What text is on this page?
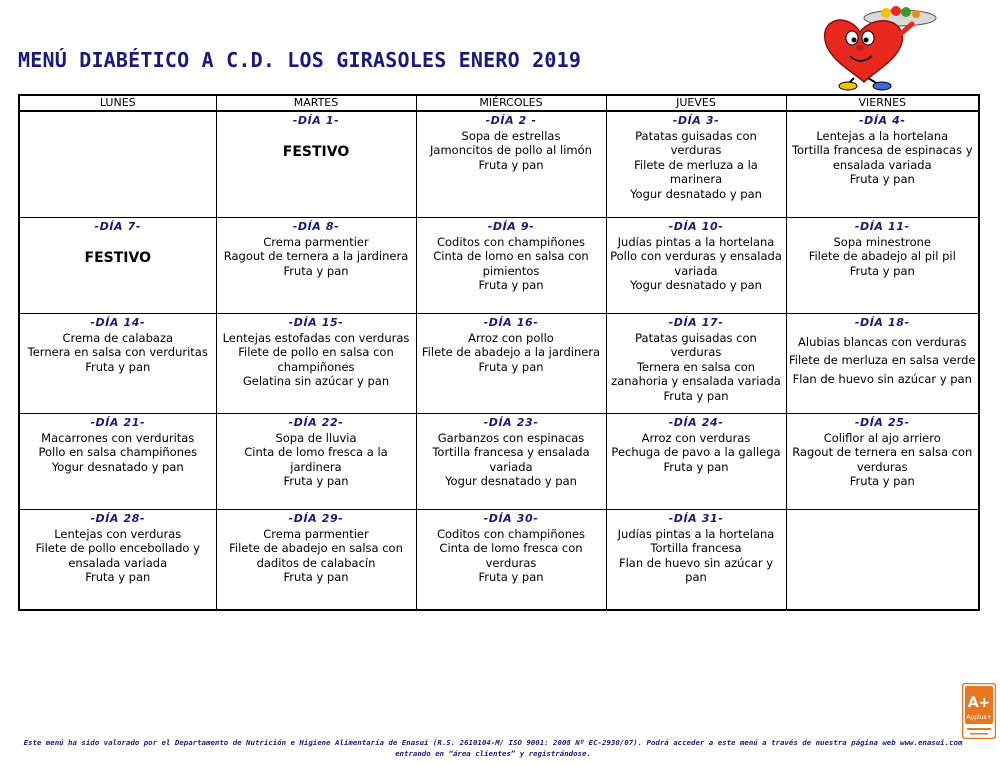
MENÚ DIABÉTICO A C.D. LOS GIRASOLES ENERO 2019
LUNES	MARTES	MIÉRCOLES	JUEVES	VIERNES

	-DÍA 1-
FESTIVO	-DÍA 2 -
Sopa de estrellas
Jamoncitos de pollo al limón
Fruta y pan	-DÍA 3-
Patatas guisadas con verduras
Filete de merluza a la marinera
Yogur desnatado y pan	-DÍA 4-
Lentejas a la hortelana
Tortilla francesa de espinacas y ensalada variada
Fruta y pan

-DÍA 7-
FESTIVO	-DÍA 8-
Crema parmentier
Ragout de ternera a la jardinera
Fruta y pan	-DÍA 9-
Coditos con champiñones
Cinta de lomo en salsa con pimientos
Fruta y pan	-DÍA 10-
Judías pintas a la hortelana
Pollo con verduras y ensalada variada
Yogur desnatado y pan	-DÍA 11-
Sopa minestrone
Filete de abadejo al pil pil
Fruta y pan

-DÍA 14-
Crema de calabaza
Ternera en salsa con verduritas
Fruta y pan	-DÍA 15-
Lentejas estofadas con verduras
Filete de pollo en salsa con champiñones
Gelatina sin azúcar y pan	-DÍA 16-
Arroz con pollo
Filete de abadejo a la jardinera
Fruta y pan	-DÍA 17-
Patatas guisadas con verduras
Ternera en salsa con zanahoria y ensalada variada
Fruta y pan	-DÍA 18-
Alubias blancas con verduras
Filete de merluza en salsa verde
Flan de huevo sin azúcar y pan

-DÍA 21-
Macarrones con verduritas
Pollo en salsa champiñones
Yogur desnatado y pan	-DÍA 22-
Sopa de lluvia
Cinta de lomo fresca a la jardinera
Fruta y pan	-DÍA 23-
Garbanzos con espinacas
Tortilla francesa y ensalada variada
Yogur desnatado y pan	-DÍA 24-
Arroz con verduras
Pechuga de pavo a la gallega
Fruta y pan	-DÍA 25-
Coliflor al ajo arriero
Ragout de ternera en salsa con verduras
Fruta y pan

-DÍA 28-
Lentejas con verduras
Filete de pollo encebollado y ensalada variada
Fruta y pan	-DÍA 29-
Crema parmentier
Filete de abadejo en salsa con daditos de calabacín
Fruta y pan	-DÍA 30-
Coditos con champiñones
Cinta de lomo fresca con verduras
Fruta y pan	-DÍA 31-
Judías pintas a la hortelana
Tortilla francesa
Flan de huevo sin azúcar y pan	

Este menú ha sido valorado por el Departamento de Nutrición e Higiene Alimentaria de Enasui (R.S. 2610104-M/ ISO 9001: 2008 Nº EC-2930/07). Podrá acceder a este menú a través de nuestra página web www.enasui.com entrando en “área clientes” y registrándose.
A+
Applus+
